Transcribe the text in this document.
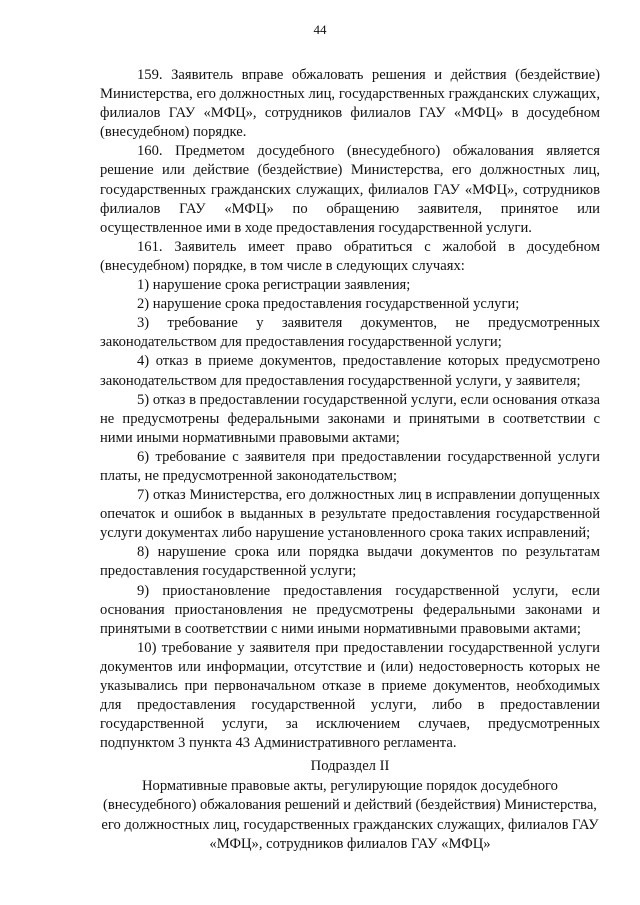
44

159. Заявитель вправе обжаловать решения и действия (бездействие) Министерства, его должностных лиц, государственных гражданских служащих, филиалов ГАУ «МФЦ», сотрудников филиалов ГАУ «МФЦ» в досудебном (внесудебном) порядке.

160. Предметом досудебного (внесудебного) обжалования является решение или действие (бездействие) Министерства, его должностных лиц, государственных гражданских служащих, филиалов ГАУ «МФЦ», сотрудников филиалов ГАУ «МФЦ» по обращению заявителя, принятое или осуществленное ими в ходе предоставления государственной услуги.

161. Заявитель имеет право обратиться с жалобой в досудебном (внесудебном) порядке, в том числе в следующих случаях:

1) нарушение срока регистрации заявления;

2) нарушение срока предоставления государственной услуги;

3) требование у заявителя документов, не предусмотренных законодательством для предоставления государственной услуги;

4) отказ в приеме документов, предоставление которых предусмотрено законодательством для предоставления государственной услуги, у заявителя;

5) отказ в предоставлении государственной услуги, если основания отказа не предусмотрены федеральными законами и принятыми в соответствии с ними иными нормативными правовыми актами;

6) требование с заявителя при предоставлении государственной услуги платы, не предусмотренной законодательством;

7) отказ Министерства, его должностных лиц в исправлении допущенных опечаток и ошибок в выданных в результате предоставления государственной услуги документах либо нарушение установленного срока таких исправлений;

8) нарушение срока или порядка выдачи документов по результатам предоставления государственной услуги;

9) приостановление предоставления государственной услуги, если основания приостановления не предусмотрены федеральными законами и принятыми в соответствии с ними иными нормативными правовыми актами;

10) требование у заявителя при предоставлении государственной услуги документов или информации, отсутствие и (или) недостоверность которых не указывались при первоначальном отказе в приеме документов, необходимых для предоставления государственной услуги, либо в предоставлении государственной услуги, за исключением случаев, предусмотренных подпунктом 3 пункта 43 Административного регламента.

Подраздел II
Нормативные правовые акты, регулирующие порядок досудебного (внесудебного) обжалования решений и действий (бездействия) Министерства, его должностных лиц, государственных гражданских служащих, филиалов ГАУ «МФЦ», сотрудников филиалов ГАУ «МФЦ»
